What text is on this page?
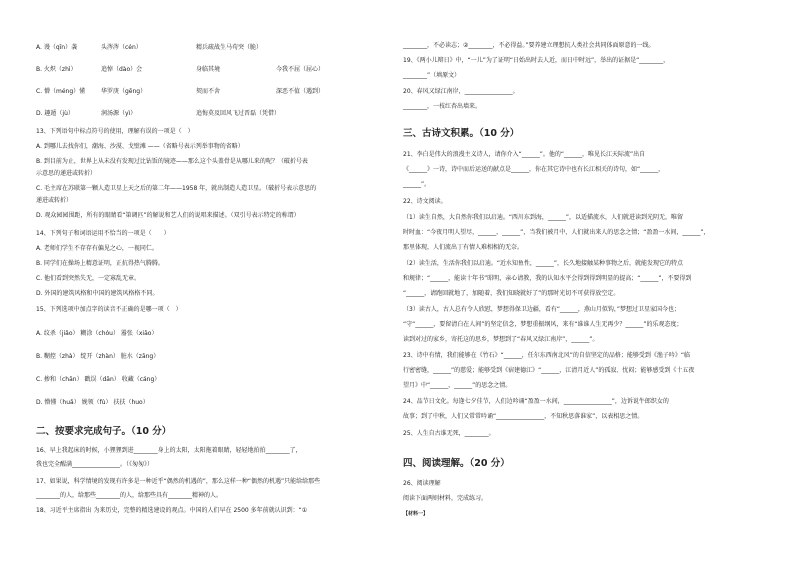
A. 谩（qīn）袭	头涔涔（cén）	精兵疏战生马苟突（脆）
B. 火炽（zhì）	追悼（dào）会	身临其境	今我不屈（屈心）
C. 懵（méng）懂	华罗庚（gēng）	契而不舍	深恶不值（遇到）
D. 趣遁（jù）	润汤源（yì）	追悔莫及回风飞过晋磊（凭借）
13、下列语句中标点符号的使用，理解有误的一项是（　）
A. 到哪儿去找你们，潮海、沙漠、戈壁滩 ——（省略号表示列举事物的省略）
B. 到目前为止，世界上从未没有发现过比钻饭的镜迹——那么这个头盖骨是从哪儿来的呢？（破折号表
示意思的递进或转折）
C. 毛主席在苏联第一颗人造卫星上天之后的第二年——1958 年，就出制造人造卫星。（破折号表示意思的
递进或转折）
D. 观众园园围距，所有的眼睛看“第调匹”的解说和艺人们的说唱来描述。（双引号表示特定的称谓）
14、下列句子和词语运用不恰当的一项是（　　）
A. 老师们学生不存存有偏见之心，一视同仁。
B. 同学们在操场上精意证明，正抗得热气腾腾。
C. 他们看到突然失无，一定寡乱无章。
D. 外国的建筑风格和中国的建筑风格格不同。
15、下列选项中加点字的读音不正确的是哪一项（　）
A. 纹杀（jiǎo） 糊涂（chóu） 嚣张（xiāo）
B. 糊控（zhà） 绽开（zhàn） 脏水（zāng）
C. 掺和（chān） 戳误（dān） 收藏（cáng）
D. 懵懂（huǎ） 娩领（fù） 扶扶（huo）
二、按要求完成句子。（10 分）
16、早上我起床的时候，小狸狸到进________身上的太阳，太阳拖着眼睛，轻轻地拍拍________了，
我也完全醒满________________。（《匆匆》）
17、如果说，科学情境的发现有许多是一种近乎“偶然的机遇的”，那么这样一种“偶然的机遇”只能给给那些
________的人，给那些________的人，给那些具有________精神的人。
18、习近平主席指出 为来历史，完整的精选建设的观点。中国的人们早在 2500 多年前就认识到：“①
________，不必读志；②________，不必得益。”要养建立理想抗人类社会共同体面原意的一线。
19、《两小儿辩日》中，“一儿”为了证明“日始出时去人近，而日中时远”，举出的证据是“________，
________”（填原文）
20、春风又绿江南岸，________________。
________，一枝红杏出墙来。
三、古诗文积累。（10 分）
21、李白是伟大的浪漫主义诗人，请你介入“______”。他的“______，唯见长江天际流”出自
《______》一诗，诗中而后运送的献点是______，你在其它诗中也有长江相关的诗句，如“______，
______”。
22、诗文阅读。
（1）读生自然，大自然你我们以启迪。“西川东到海，______”，以适描流水，人们就进读到光阴无，唯留
时时血：“今夜月明人望尽，______，______”，当我们被月中，人们就出来人的思念之情；“盈盈一水间，______”，
那里体现，人们流出丁有情人难相相的无奈。
（2）读生活，生活你我们以启迪。“近水知鱼性，______”，长久地接触某种事物之后，就能发现它的特点
和规律；“______，能读十年书”昭明，亲心请教，我的认知水平会得到得到明显的提高；“______”，不要得到
“______，请跑回就地了，加随着，我们知晓就好了”的那时光切不可获得放空定。
（3）读古人，古人总有令人欣慰，梦想得保卫边疆，看有“______，燕山月似钩，”梦想过卫星家国今也；
“守“______，要留清白在人间”的坚定信念，梦想重振纲风，来有“谁谁人生无再少？______”的乐观态度；
读到对过的家乡，寄托这的思乡，梦想到了“春风又绿江南岸”，______”。
23、诗中有情，我们能够在《竹石》“______，任尔东西南北风”的自信坚定的品格；能够受到《渔子吟》“临
行密密缝，______”的慈爱；能够受到《宿建德江》“______，江清月近人”的孤寂、忧闷；能够感受到《十五夜
望月》中“______，______”的思念之情。
24、品节日文化。每逢七夕佳节，人们边吟诵“盈盈一水间，________________”，边诉说牛郎织女的
故事；到了中秋，人们又常常吟诵“________________，不知秋思落谁家”，以表相思之情。
25、人生自古谁无死，________。
四、阅读理解。（20 分）
26、阅读理解
阅读下面两则材料，完成练习。
【材料一】
